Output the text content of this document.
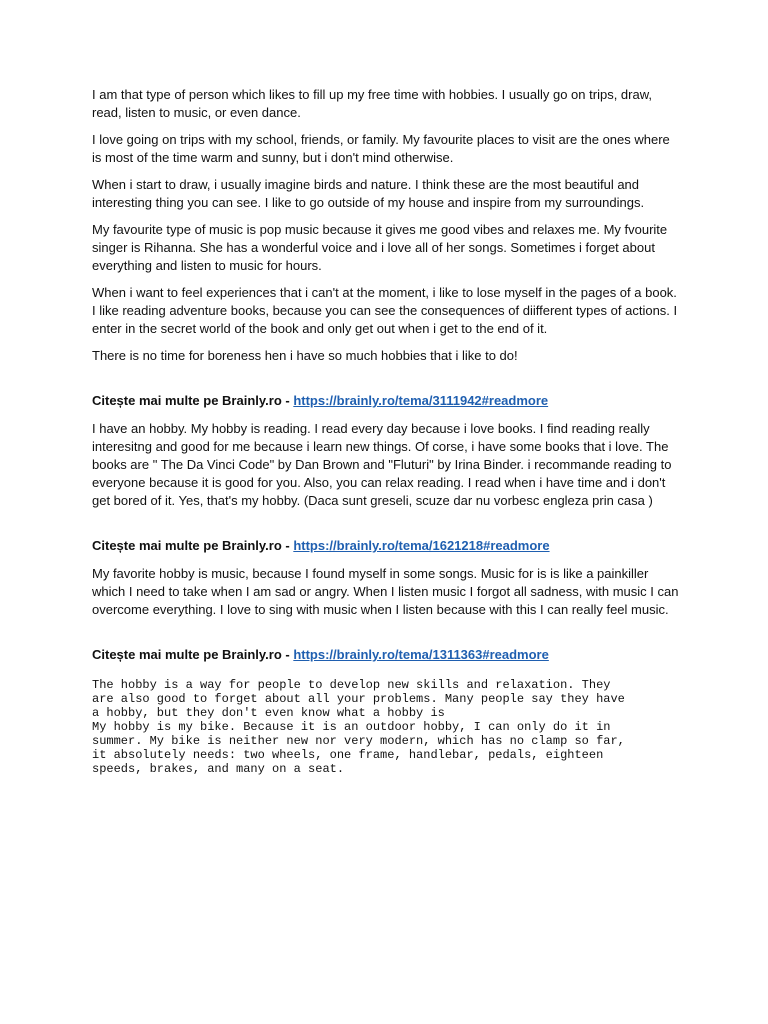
I am that type of person which likes to fill up my free time with hobbies. I usually go on trips, draw, read, listen to music, or even dance.

I love going on trips with my school, friends, or family. My favourite places to visit are the ones where is most of the time warm and sunny, but i don't mind otherwise.

When i start to draw, i usually imagine birds and nature. I think these are the most beautiful and interesting thing you can see. I like to go outside of my house and inspire from my surroundings.

My favourite type of music is pop music because it gives me good vibes and relaxes me. My fvourite singer is Rihanna. She has a wonderful voice and i love all of her songs. Sometimes i forget about everything and listen to music for hours.

When i want to feel experiences that i can't at the moment, i like to lose myself in the pages of a book. I like reading adventure books, because you can see the consequences of diifferent types of actions. I enter in the secret world of the book and only get out when i get to the end of it.

There is no time for boreness hen i have so much hobbies that i like to do!

Citește mai multe pe Brainly.ro - https://brainly.ro/tema/3111942#readmore

I have an hobby. My hobby is reading. I read every day because i love books. I find reading really interesitng and good for me because i learn new things. Of corse, i have some books that i love. The books are " The Da Vinci Code" by Dan Brown and "Fluturi" by Irina Binder. i recommande reading to everyone because it is good for you. Also, you can relax reading. I read when i have time and i don't get bored of it. Yes, that's my hobby. (Daca sunt greseli, scuze dar nu vorbesc engleza prin casa )

Citește mai multe pe Brainly.ro - https://brainly.ro/tema/1621218#readmore

My favorite hobby is music, because I found myself in some songs. Music for is is like a painkiller which I need to take when I am sad or angry. When I listen music I forgot all sadness, with music I can overcome everything. I love to sing with music when I listen because with this I can really feel music.

Citește mai multe pe Brainly.ro - https://brainly.ro/tema/1311363#readmore

The hobby is a way for people to develop new skills and relaxation. They
are also good to forget about all your problems. Many people say they have
a hobby, but they don't even know what a hobby is
My hobby is my bike. Because it is an outdoor hobby, I can only do it in
summer. My bike is neither new nor very modern, which has no clamp so far,
it absolutely needs: two wheels, one frame, handlebar, pedals, eighteen
speeds, brakes, and many on a seat.
